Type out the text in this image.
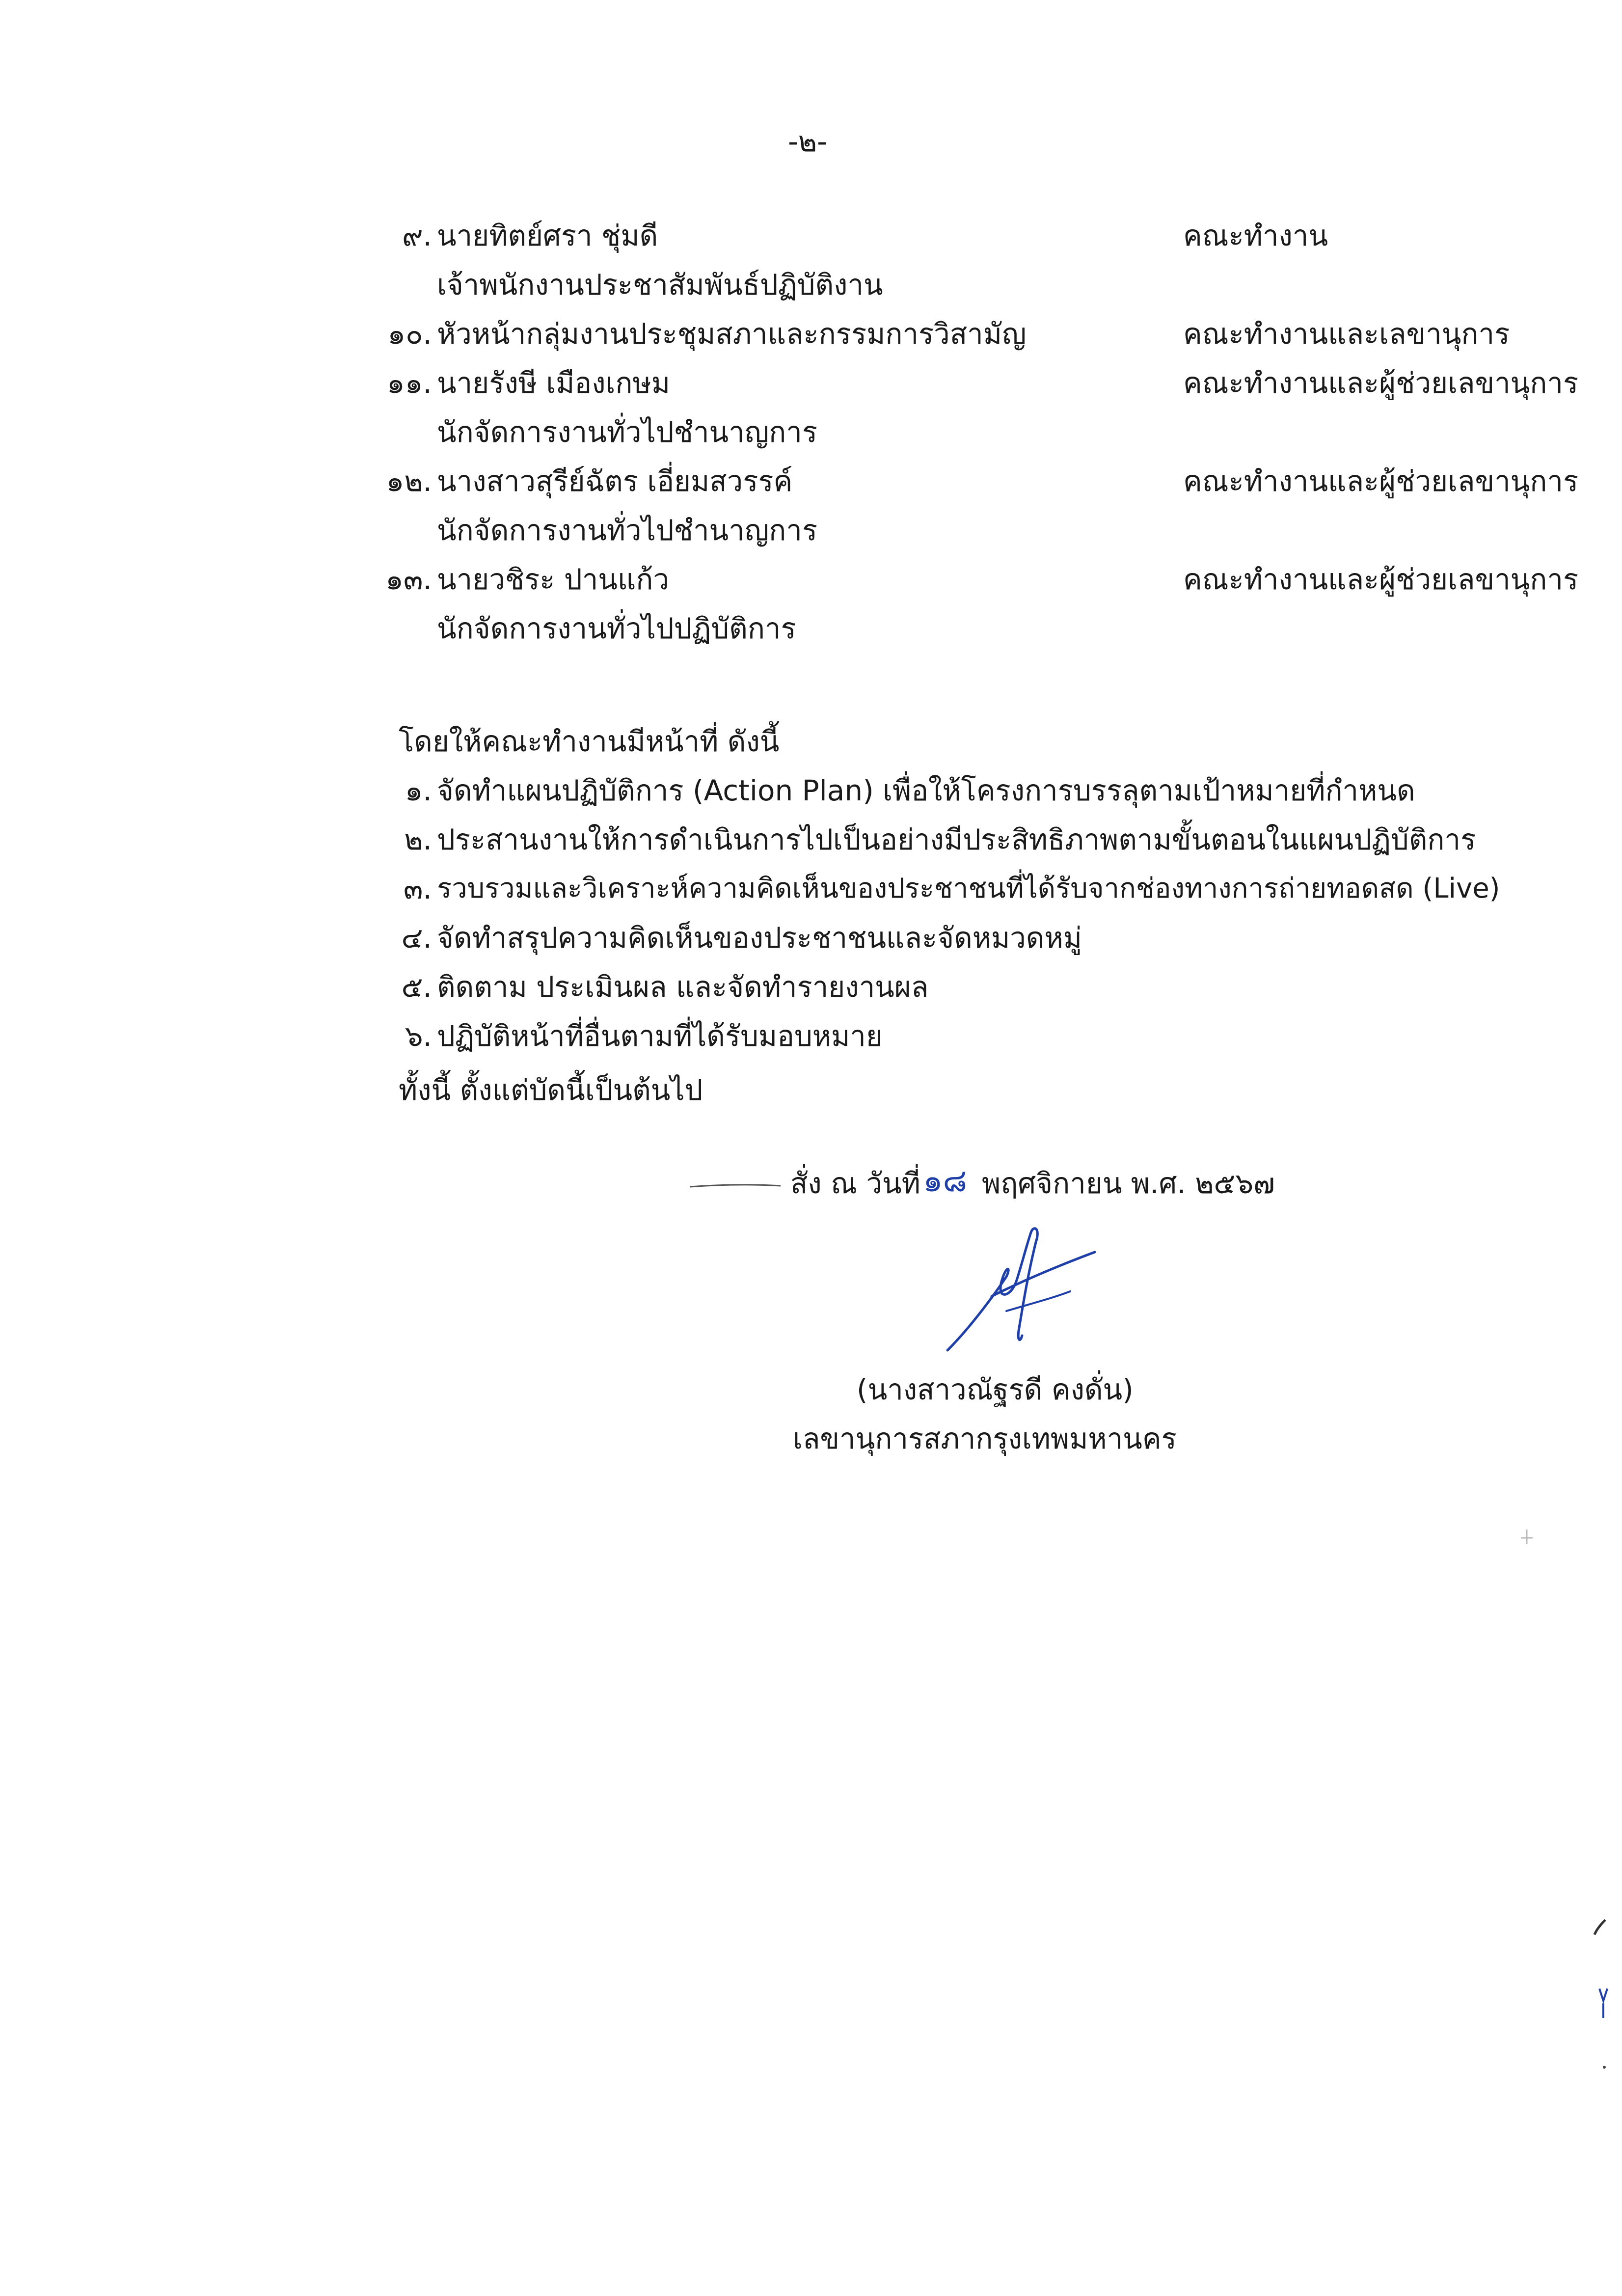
-๒-
๙. นายทิตย์ศรา ชุ่มดี	คณะทำงาน
เจ้าพนักงานประชาสัมพันธ์ปฏิบัติงาน
๑๐. หัวหน้ากลุ่มงานประชุมสภาและกรรมการวิสามัญ	คณะทำงานและเลขานุการ
๑๑. นายรังษี เมืองเกษม	คณะทำงานและผู้ช่วยเลขานุการ
นักจัดการงานทั่วไปชำนาญการ
๑๒. นางสาวสุรีย์ฉัตร เอี่ยมสวรรค์	คณะทำงานและผู้ช่วยเลขานุการ
นักจัดการงานทั่วไปชำนาญการ
๑๓. นายวชิระ ปานแก้ว	คณะทำงานและผู้ช่วยเลขานุการ
นักจัดการงานทั่วไปปฏิบัติการ
โดยให้คณะทำงานมีหน้าที่ ดังนี้
๑. จัดทำแผนปฏิบัติการ (Action Plan) เพื่อให้โครงการบรรลุตามเป้าหมายที่กำหนด
๒. ประสานงานให้การดำเนินการไปเป็นอย่างมีประสิทธิภาพตามขั้นตอนในแผนปฏิบัติการ
๓. รวบรวมและวิเคราะห์ความคิดเห็นของประชาชนที่ได้รับจากช่องทางการถ่ายทอดสด (Live)
๔. จัดทำสรุปความคิดเห็นของประชาชนและจัดหมวดหมู่
๕. ติดตาม ประเมินผล และจัดทำรายงานผล
๖. ปฏิบัติหน้าที่อื่นตามที่ได้รับมอบหมาย
ทั้งนี้ ตั้งแต่บัดนี้เป็นต้นไป
สั่ง ณ วันที่ ๑๘ พฤศจิกายน พ.ศ. ๒๕๖๗
(นางสาวณัฐรดี คงดั่น)
เลขานุการสภากรุงเทพมหานคร
